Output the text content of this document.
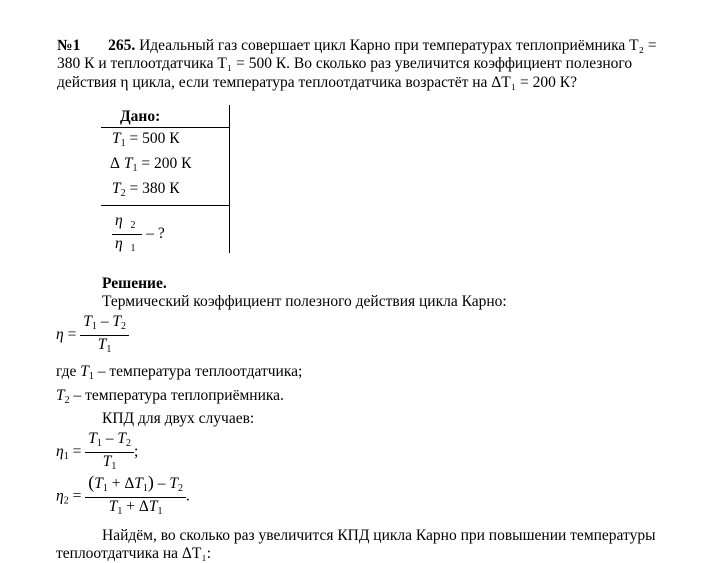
№1 265. Идеальный газ совершает цикл Карно при температурах теплоприёмника T₂ =
380 К и теплоотдатчика T₁ = 500 К. Во сколько раз увеличится коэффициент полезного
действия η цикла, если температура теплоотдатчика возрастёт на ΔT₁ = 200 К?
Дано:
$T_1 = 500$ К
Δ $T_1 = 200$ К
$T_2 = 380$ К
$\frac{\eta _2}{\eta _1}$ – ?
Решение.
Термический коэффициент полезного действия цикла Карно:
$\eta = \frac{T_1 - T_2}{T_1}$
где $T_1$ – температура теплоотдатчика;
$T_2$ – температура теплоприёмника.
КПД для двух случаев:
$\eta_1 = \frac{T_1 - T_2}{T_1}$ ;
$\eta_2 = \frac{(T_1 + \Delta T_1) - T_2}{T_1 + \Delta T_1}$ .
Найдём, во сколько раз увеличится КПД цикла Карно при повышении температуры
теплоотдатчика на ΔT₁:
